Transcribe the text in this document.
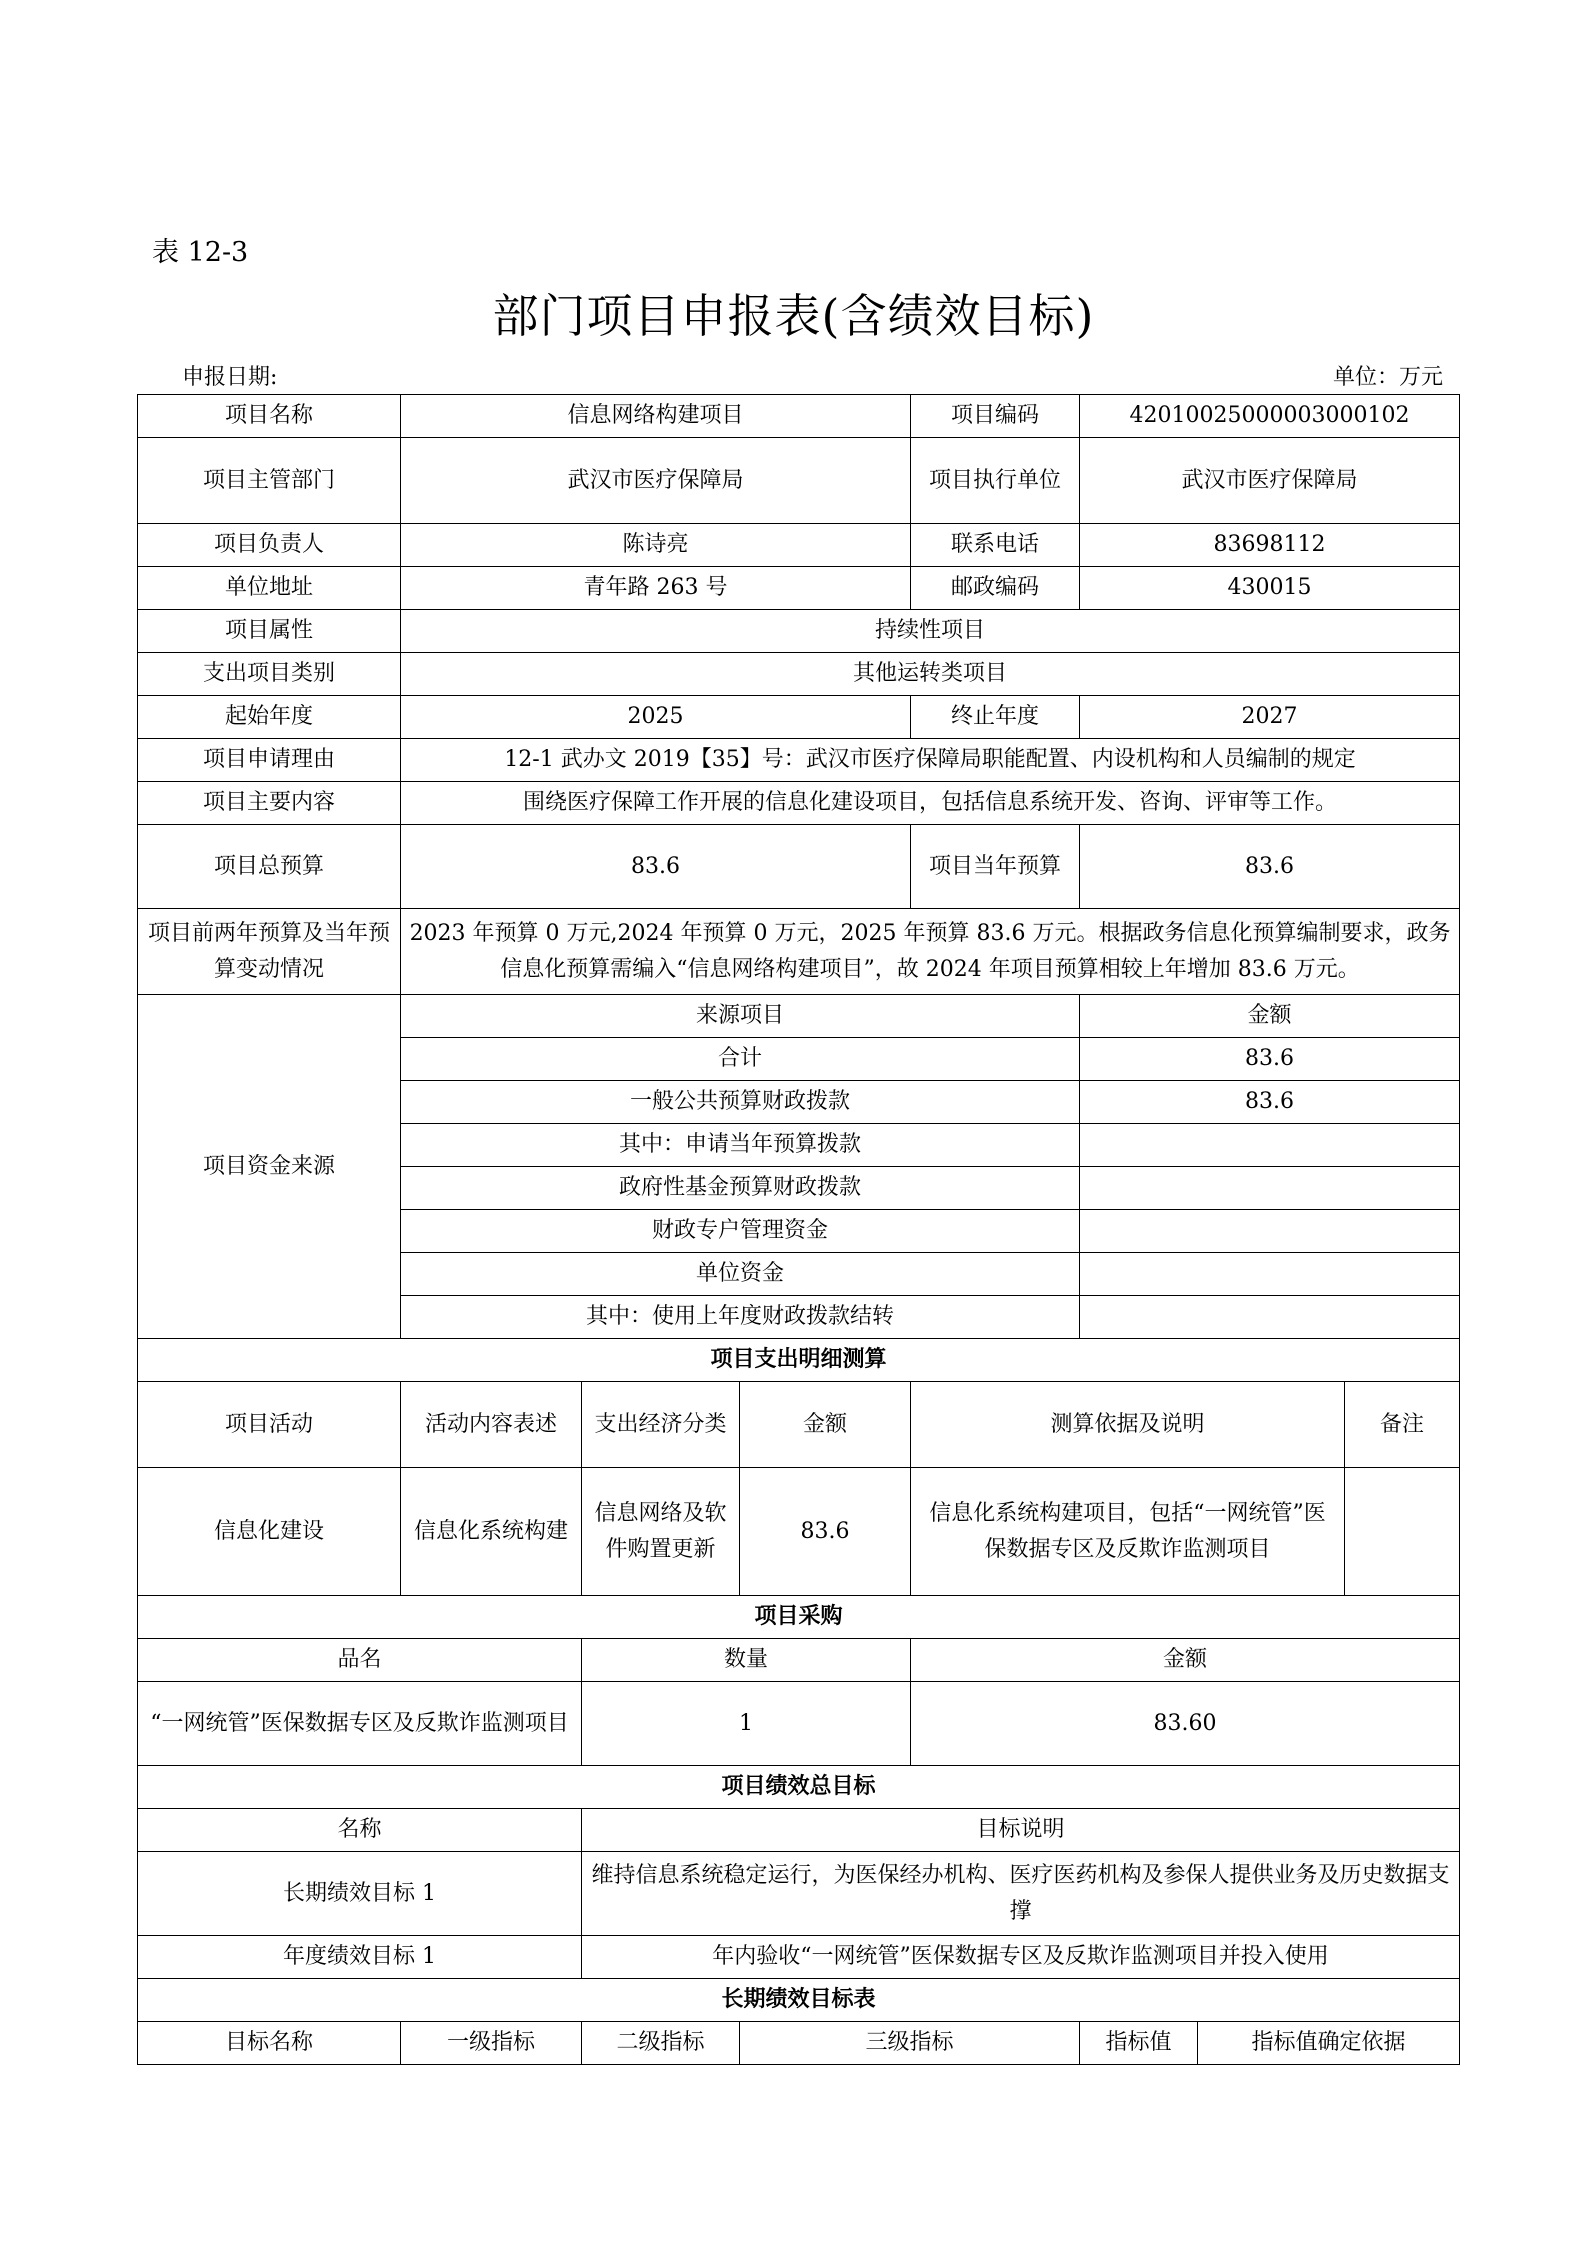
表 12-3
部门项目申报表(含绩效目标)
申报日期:	单位：万元
项目名称	信息网络构建项目			项目编码	42010025000003000102		
项目主管部门	武汉市医疗保障局			项目执行单位	武汉市医疗保障局		
项目负责人	陈诗亮			联系电话	83698112		
单位地址	青年路 263 号			邮政编码	430015		
项目属性	持续性项目						
支出项目类别	其他运转类项目						
起始年度	2025			终止年度	2027		
项目申请理由	12-1 武办文 2019【35】号：武汉市医疗保障局职能配置、内设机构和人员编制的规定						
项目主要内容	围绕医疗保障工作开展的信息化建设项目，包括信息系统开发、咨询、评审等工作。						
项目总预算	83.6			项目当年预算	83.6		
项目前两年预算及当年预算变动情况	2023 年预算 0 万元,2024 年预算 0 万元，2025 年预算 83.6 万元。根据政务信息化预算编制要求，政务信息化预算需编入“信息网络构建项目”，故 2024 年项目预算相较上年增加 83.6 万元。						
项目资金来源	来源项目				金额		
	合计				83.6		
	一般公共预算财政拨款				83.6		
	其中：申请当年预算拨款						
	政府性基金预算财政拨款						
	财政专户管理资金						
	单位资金						
	其中：使用上年度财政拨款结转						
项目支出明细测算							
项目活动	活动内容表述	支出经济分类	金额	测算依据及说明			备注
信息化建设	信息化系统构建	信息网络及软件购置更新	83.6	信息化系统构建项目，包括“一网统管”医保数据专区及反欺诈监测项目			
项目采购							
品名		数量		金额			
“一网统管”医保数据专区及反欺诈监测项目		1		83.60			
项目绩效总目标							
名称		目标说明					
长期绩效目标 1		维持信息系统稳定运行，为医保经办机构、医疗医药机构及参保人提供业务及历史数据支撑					
年度绩效目标 1		年内验收“一网统管”医保数据专区及反欺诈监测项目并投入使用					
长期绩效目标表							
目标名称	一级指标	二级指标	三级指标		指标值	指标值确定依据	
